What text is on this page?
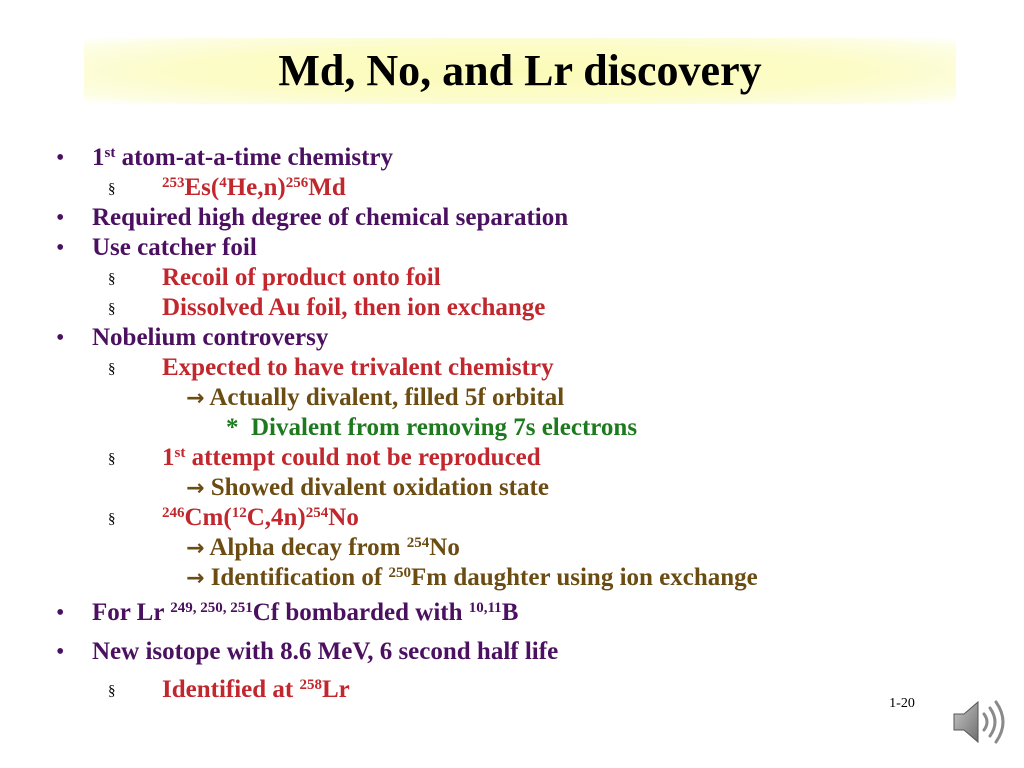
Md, No, and Lr discovery
• 1st atom-at-a-time chemistry
§	$^{253}Es(^4He,n)^{256}Md$
• Required high degree of chemical separation
• Use catcher foil
§ Recoil of product onto foil
§ Dissolved Au foil, then ion exchange
• Nobelium controversy
§ Expected to have trivalent chemistry
→ Actually divalent, filled 5f orbital
* Divalent from removing 7s electrons
§ 1st attempt could not be reproduced
→ Showed divalent oxidation state
§	$^{246}Cm(^{12}C,4n)^{254}No$
→ Alpha decay from $^{254}$No
→ Identification of $^{250}$Fm daughter using ion exchange
• For Lr $^{249, 250, 251}$Cf bombarded with $^{10,11}$B
• New isotope with 8.6 MeV, 6 second half life
§ Identified at $^{258}$Lr
1-20
